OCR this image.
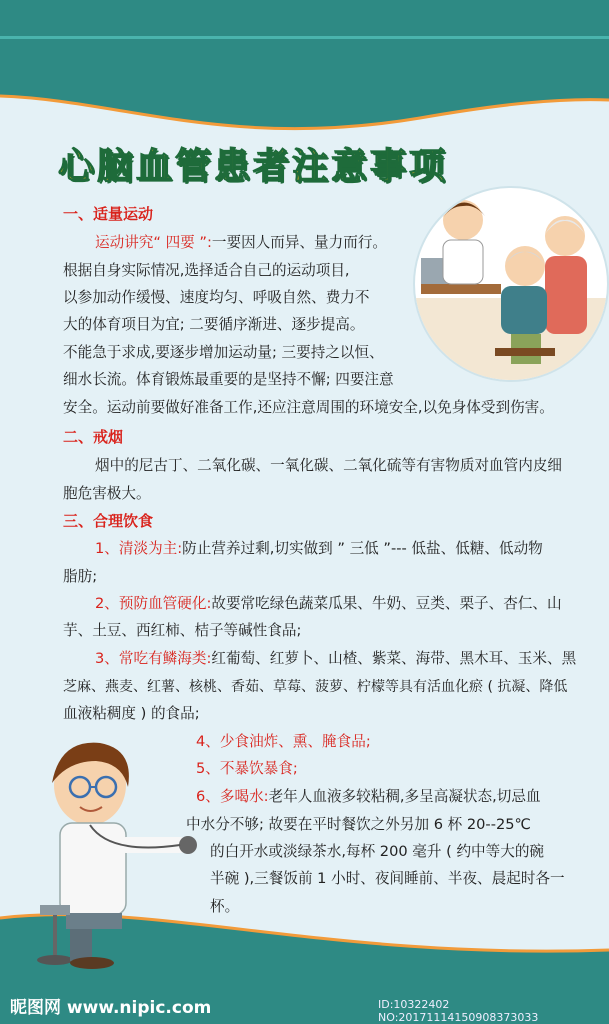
心脑血管患者注意事项
一、适量运动
运动讲究“ 四要 ”:一要因人而异、量力而行。
根据自身实际情况,选择适合自己的运动项目,
以参加动作缓慢、速度均匀、呼吸自然、费力不
大的体育项目为宜; 二要循序渐进、逐步提高。
不能急于求成,要逐步增加运动量; 三要持之以恒、
细水长流。体育锻炼最重要的是坚持不懈; 四要注意
安全。运动前要做好准备工作,还应注意周围的环境安全,以免身体受到伤害。
二、戒烟
烟中的尼古丁、二氧化碳、一氧化碳、二氧化硫等有害物质对血管内皮细
胞危害极大。
三、合理饮食
1、清淡为主:防止营养过剩,切实做到 ” 三低 ”--- 低盐、低糖、低动物
脂肪;
2、预防血管硬化:故要常吃绿色蔬菜瓜果、牛奶、豆类、栗子、杏仁、山
芋、土豆、西红柿、桔子等碱性食品;
3、常吃有鳞海类:红葡萄、红萝卜、山楂、紫菜、海带、黑木耳、玉米、黑
芝麻、燕麦、红薯、核桃、香茹、草莓、菠萝、柠檬等具有活血化瘀 ( 抗凝、降低
血液粘稠度 ) 的食品;
4、少食油炸、熏、腌食品;
5、不暴饮暴食;
6、多喝水:老年人血液多较粘稠,多呈高凝状态,切忌血
中水分不够; 故要在平时餐饮之外另加 6 杯 20--25℃
的白开水或淡绿茶水,每杯 200 毫升 ( 约中等大的碗
半碗 ),三餐饭前 1 小时、夜间睡前、半夜、晨起时各一
杯。
昵图网 www.nipic.com	ID:10322402 NO:20171114150908373033
